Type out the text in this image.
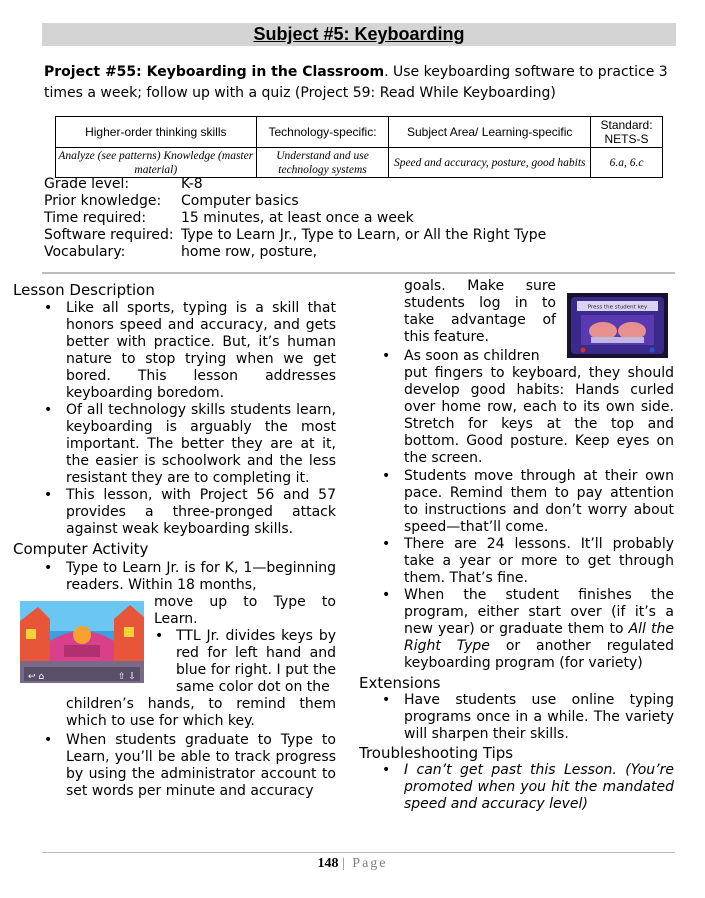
Subject #5: Keyboarding
Project #55: Keyboarding in the Classroom. Use keyboarding software to practice 3 times a week; follow up with a quiz (Project 59: Read While Keyboarding)
Higher-order thinking skills	Technology-specific:	Subject Area/ Learning-specific	Standard: NETS-S
Analyze (see patterns) Knowledge (master material)	Understand and use technology systems	Speed and accuracy, posture, good habits	6.a, 6.c
Grade level:	K-8
Prior knowledge:	Computer basics
Time required:	15 minutes, at least once a week
Software required: Type to Learn Jr., Type to Learn, or All the Right Type
Vocabulary:	home row, posture,
Lesson Description
• Like all sports, typing is a skill that honors speed and accuracy, and gets better with practice. But, it’s human nature to stop trying when we get bored. This lesson addresses keyboarding boredom.
• Of all technology skills students learn, keyboarding is arguably the most important. The better they are at it, the easier is schoolwork and the less resistant they are to completing it.
• This lesson, with Project 56 and 57 provides a three-pronged attack against weak keyboarding skills.
Computer Activity
• Type to Learn Jr. is for K, 1—beginning readers. Within 18 months,
move up to Type to Learn.
TTL Jr. divides keys by red for left hand and blue for right. I put the same color dot on the
•
children’s hands, to remind them which to use for which key.
• When students graduate to Type to Learn, you’ll be able to track progress by using the administrator account to set words per minute and accuracy
↩ ⌂	⇧ ⇩
goals. Make sure students log in to take advantage of this feature.
• As soon as children
put fingers to keyboard, they should develop good habits: Hands curled over home row, each to its own side. Stretch for keys at the top and bottom. Good posture. Keep eyes on the screen.
• Students move through at their own pace. Remind them to pay attention to instructions and don’t worry about speed—that’ll come.
• There are 24 lessons. It’ll probably take a year or more to get through them. That’s fine.
• When the student finishes the program, either start over (if it’s a new year) or graduate them to All the Right Type or another regulated keyboarding program (for variety)
Extensions
• Have students use online typing programs once in a while. The variety will sharpen their skills.
Troubleshooting Tips
• I can’t get past this Lesson. (You’re promoted when you hit the mandated speed and accuracy level)
Press the student key
148 | Page
